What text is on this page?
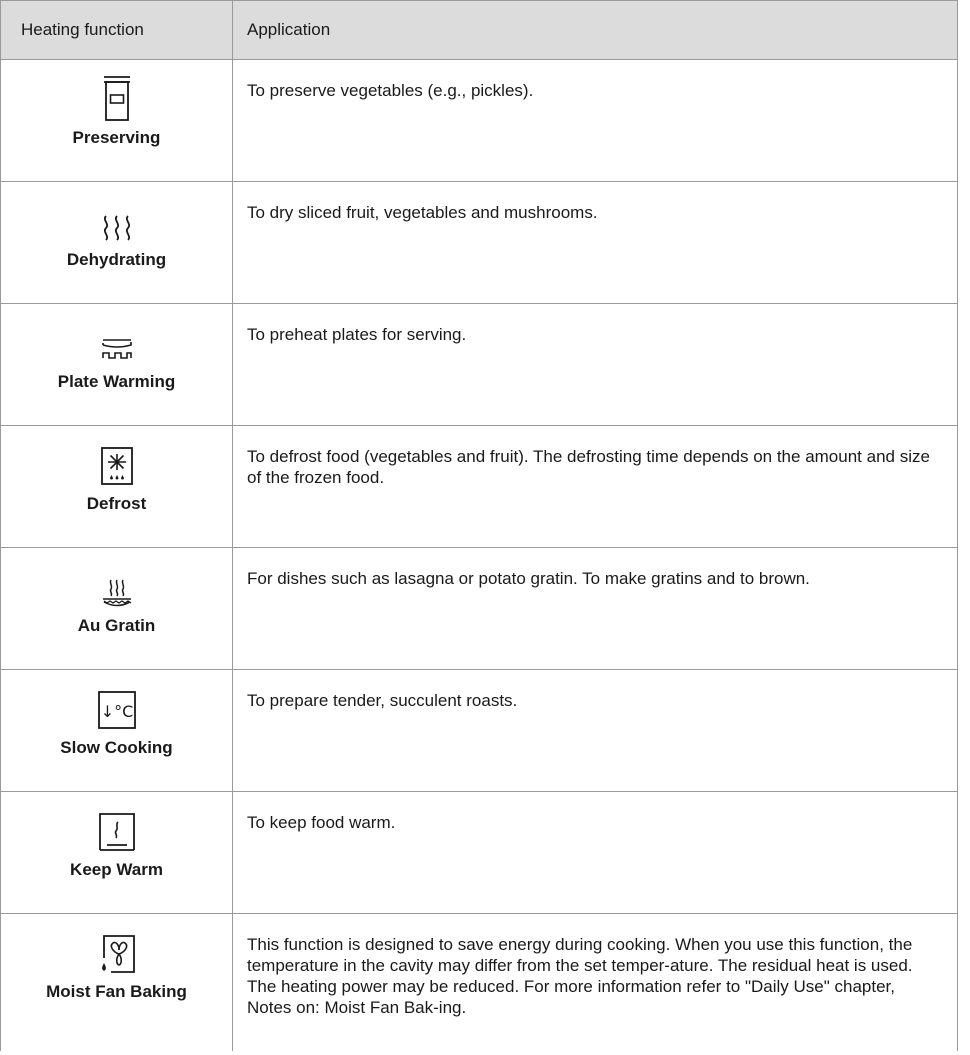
Heating function	Application

Preserving	To preserve vegetables (e.g., pickles).

Dehydrating	To dry sliced fruit, vegetables and mushrooms.

Plate Warming	To preheat plates for serving.

Defrost	To defrost food (vegetables and fruit). The defrosting time depends on the amount and size of the frozen food.

Au Gratin	For dishes such as lasagna or potato gratin. To make gratins and to brown.

↓°C
Slow Cooking	To prepare tender, succulent roasts.

Keep Warm	To keep food warm.

Moist Fan Baking	This function is designed to save energy during cooking. When you use this function, the temperature in the cavity may differ from the set temper-ature. The residual heat is used. The heating power may be reduced. For more information refer to "Daily Use" chapter, Notes on: Moist Fan Bak-ing.
